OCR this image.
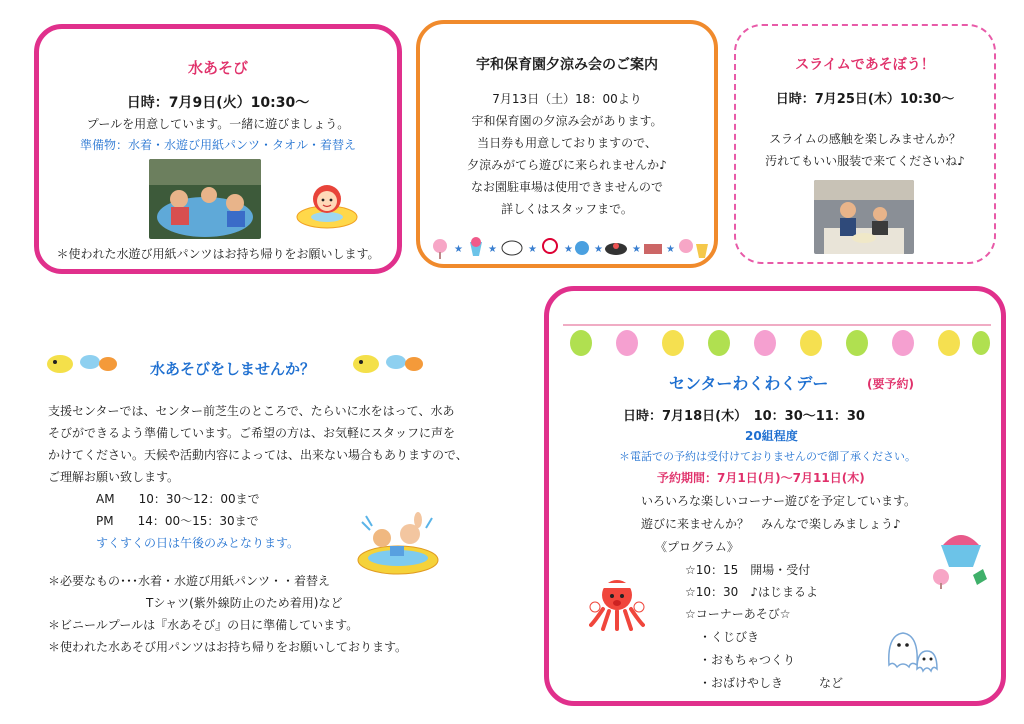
水あそび
日時：7月9日(火）10:30～
プールを用意しています。一緒に遊びましょう。
準備物：水着・水遊び用紙パンツ・タオル・着替え
＊使われた水遊び用紙パンツはお持ち帰りをお願いします。
宇和保育園夕涼み会のご案内
7月13日（土）18：00より
宇和保育園の夕涼み会があります。
当日券も用意しておりますので、
夕涼みがてら遊びに来られませんか♪
なお園駐車場は使用できませんので
詳しくはスタッフまで。
★	★	★	★ ★	★	★
スライムであそぼう！
日時：7月25日(木）10:30～
スライムの感触を楽しみませんか？
汚れてもいい服装で来てくださいね♪
水あそびをしませんか？
支援センターでは、センター前芝生のところで、たらいに水をはって、水あ
そびができるよう準備しています。ご希望の方は、お気軽にスタッフに声を
かけてください。天候や活動内容によっては、出来ない場合もありますので、
ご理解お願い致します。
AM　　10：30～12：00まで
PM　　14：00～15：30まで
すくすくの日は午後のみとなります。
＊必要なもの･･･水着・水遊び用紙パンツ・・着替え
Tシャツ(紫外線防止のため着用)など
＊ビニールプールは『水あそび』の日に準備しています。
＊使われた水あそび用パンツはお持ち帰りをお願いしております。
センターわくわくデー	(要予約)
日時：7月18日(木）　10：30～11：30
20組程度
＊電話での予約は受付けておりませんので御了承ください。
予約期間：7月1日(月)～7月11日(木)
いろいろな楽しいコーナー遊びを予定しています。
遊びに来ませんか？　みんなで楽しみましょう♪
《プログラム》
☆10：15　開場・受付
☆10：30　♪はじまるよ
☆コーナーあそび☆
・くじびき
・おもちゃつくり
・おばけやしき　　　など
